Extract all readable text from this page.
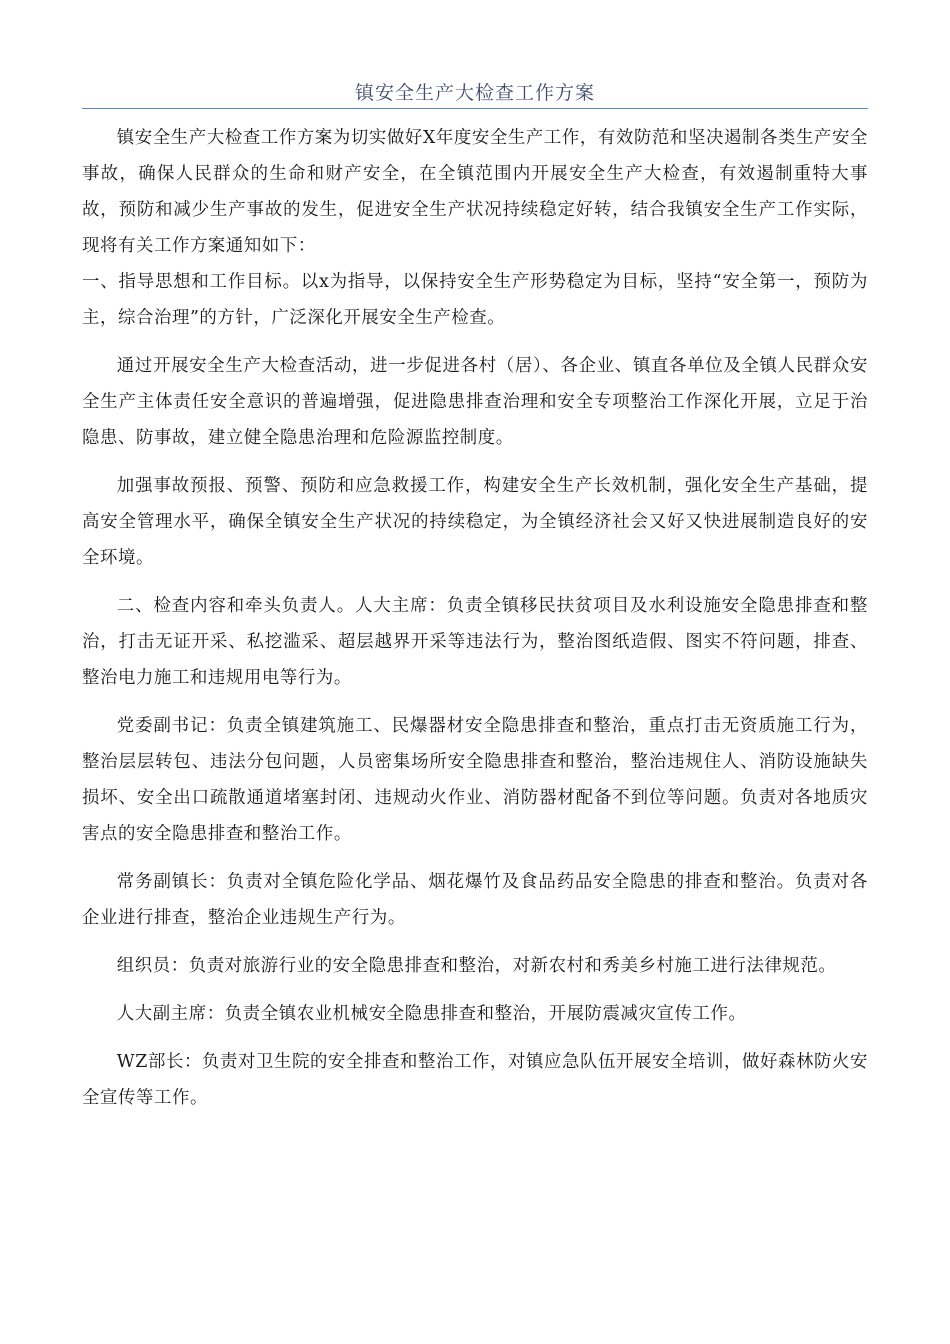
镇安全生产大检查工作方案

镇安全生产大检查工作方案为切实做好X年度安全生产工作，有效防范和坚决遏制各类生产安全事故，确保人民群众的生命和财产安全，在全镇范围内开展安全生产大检查，有效遏制重特大事故，预防和减少生产事故的发生，促进安全生产状况持续稳定好转，结合我镇安全生产工作实际，现将有关工作方案通知如下：

一、指导思想和工作目标。以x为指导，以保持安全生产形势稳定为目标，坚持“安全第一，预防为主，综合治理”的方针，广泛深化开展安全生产检查。

通过开展安全生产大检查活动，进一步促进各村（居）、各企业、镇直各单位及全镇人民群众安全生产主体责任安全意识的普遍增强，促进隐患排查治理和安全专项整治工作深化开展，立足于治隐患、防事故，建立健全隐患治理和危险源监控制度。

加强事故预报、预警、预防和应急救援工作，构建安全生产长效机制，强化安全生产基础，提高安全管理水平，确保全镇安全生产状况的持续稳定，为全镇经济社会又好又快进展制造良好的安全环境。

二、检查内容和牵头负责人。人大主席：负责全镇移民扶贫项目及水利设施安全隐患排查和整治，打击无证开采、私挖滥采、超层越界开采等违法行为，整治图纸造假、图实不符问题，排查、整治电力施工和违规用电等行为。

党委副书记：负责全镇建筑施工、民爆器材安全隐患排查和整治，重点打击无资质施工行为，整治层层转包、违法分包问题，人员密集场所安全隐患排查和整治，整治违规住人、消防设施缺失损坏、安全出口疏散通道堵塞封闭、违规动火作业、消防器材配备不到位等问题。负责对各地质灾害点的安全隐患排查和整治工作。

常务副镇长：负责对全镇危险化学品、烟花爆竹及食品药品安全隐患的排查和整治。负责对各企业进行排查，整治企业违规生产行为。

组织员：负责对旅游行业的安全隐患排查和整治，对新农村和秀美乡村施工进行法律规范。

人大副主席：负责全镇农业机械安全隐患排查和整治，开展防震减灾宣传工作。

WZ部长：负责对卫生院的安全排查和整治工作，对镇应急队伍开展安全培训，做好森林防火安全宣传等工作。
